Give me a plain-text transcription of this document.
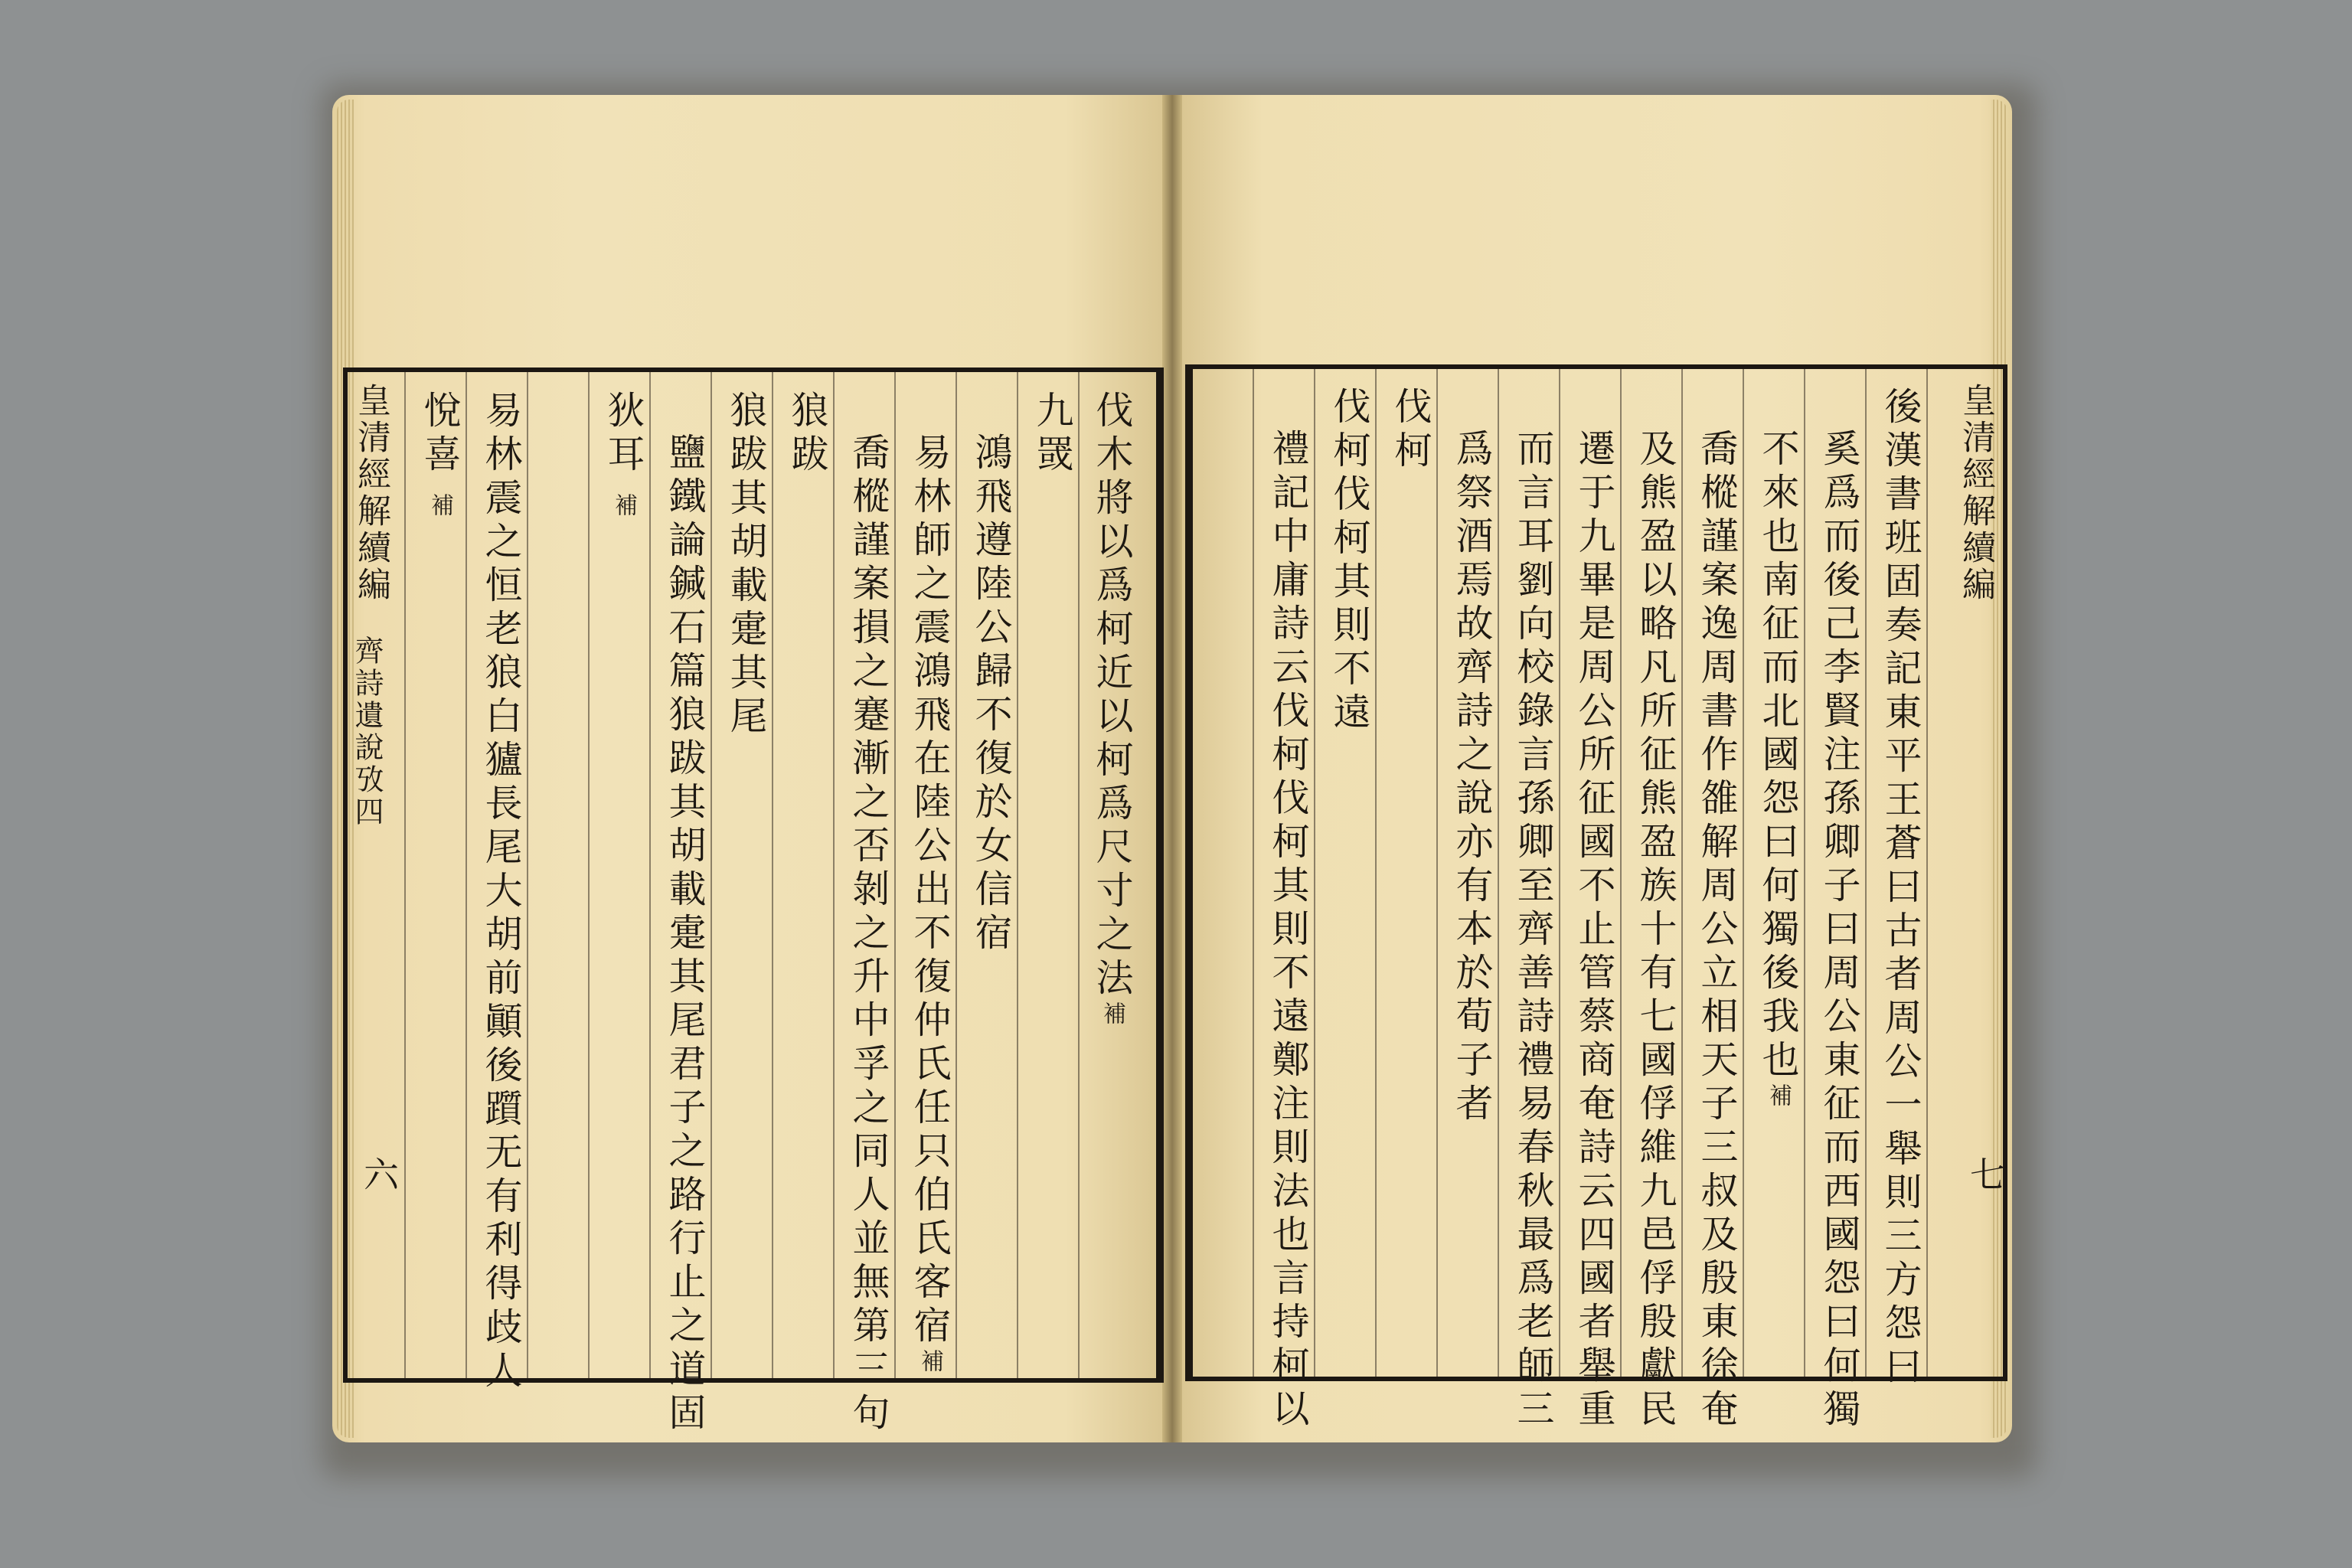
皇清經解續編
齊詩遺說攷四
六
伐木將以爲柯近以柯爲尺寸之法補
九罭
鴻飛遵陸公歸不復於女信宿
易林師之震鴻飛在陸公出不復仲氏任只伯氏客宿補
喬樅謹案損之蹇漸之否剝之升中孚之同人並無第三句
狼跋
狼跋其胡載疐其尾
鹽鐵論鍼石篇狼跋其胡載疐其尾君子之路行止之道固
狄耳補
易林震之恒老狼白獹長尾大胡前顚後躓无有利得歧人
悅喜補	皇清經解續編
七
後漢書班固奏記東平王蒼曰古者周公一舉則三方怨曰
奚爲而後己李賢注孫卿子曰周公東征而西國怨曰何獨
不來也南征而北國怨曰何獨後我也補
喬樅謹案逸周書作雒解周公立相天子三叔及殷東徐奄
及熊盈以略凡所征熊盈族十有七國俘維九邑俘殷獻民
遷于九畢是周公所征國不止管蔡商奄詩云四國者舉重
而言耳劉向校錄言孫卿至齊善詩禮易春秋最爲老師三
爲祭酒焉故齊詩之說亦有本於荀子者
伐柯
伐柯伐柯其則不遠
禮記中庸詩云伐柯伐柯其則不遠鄭注則法也言持柯以
